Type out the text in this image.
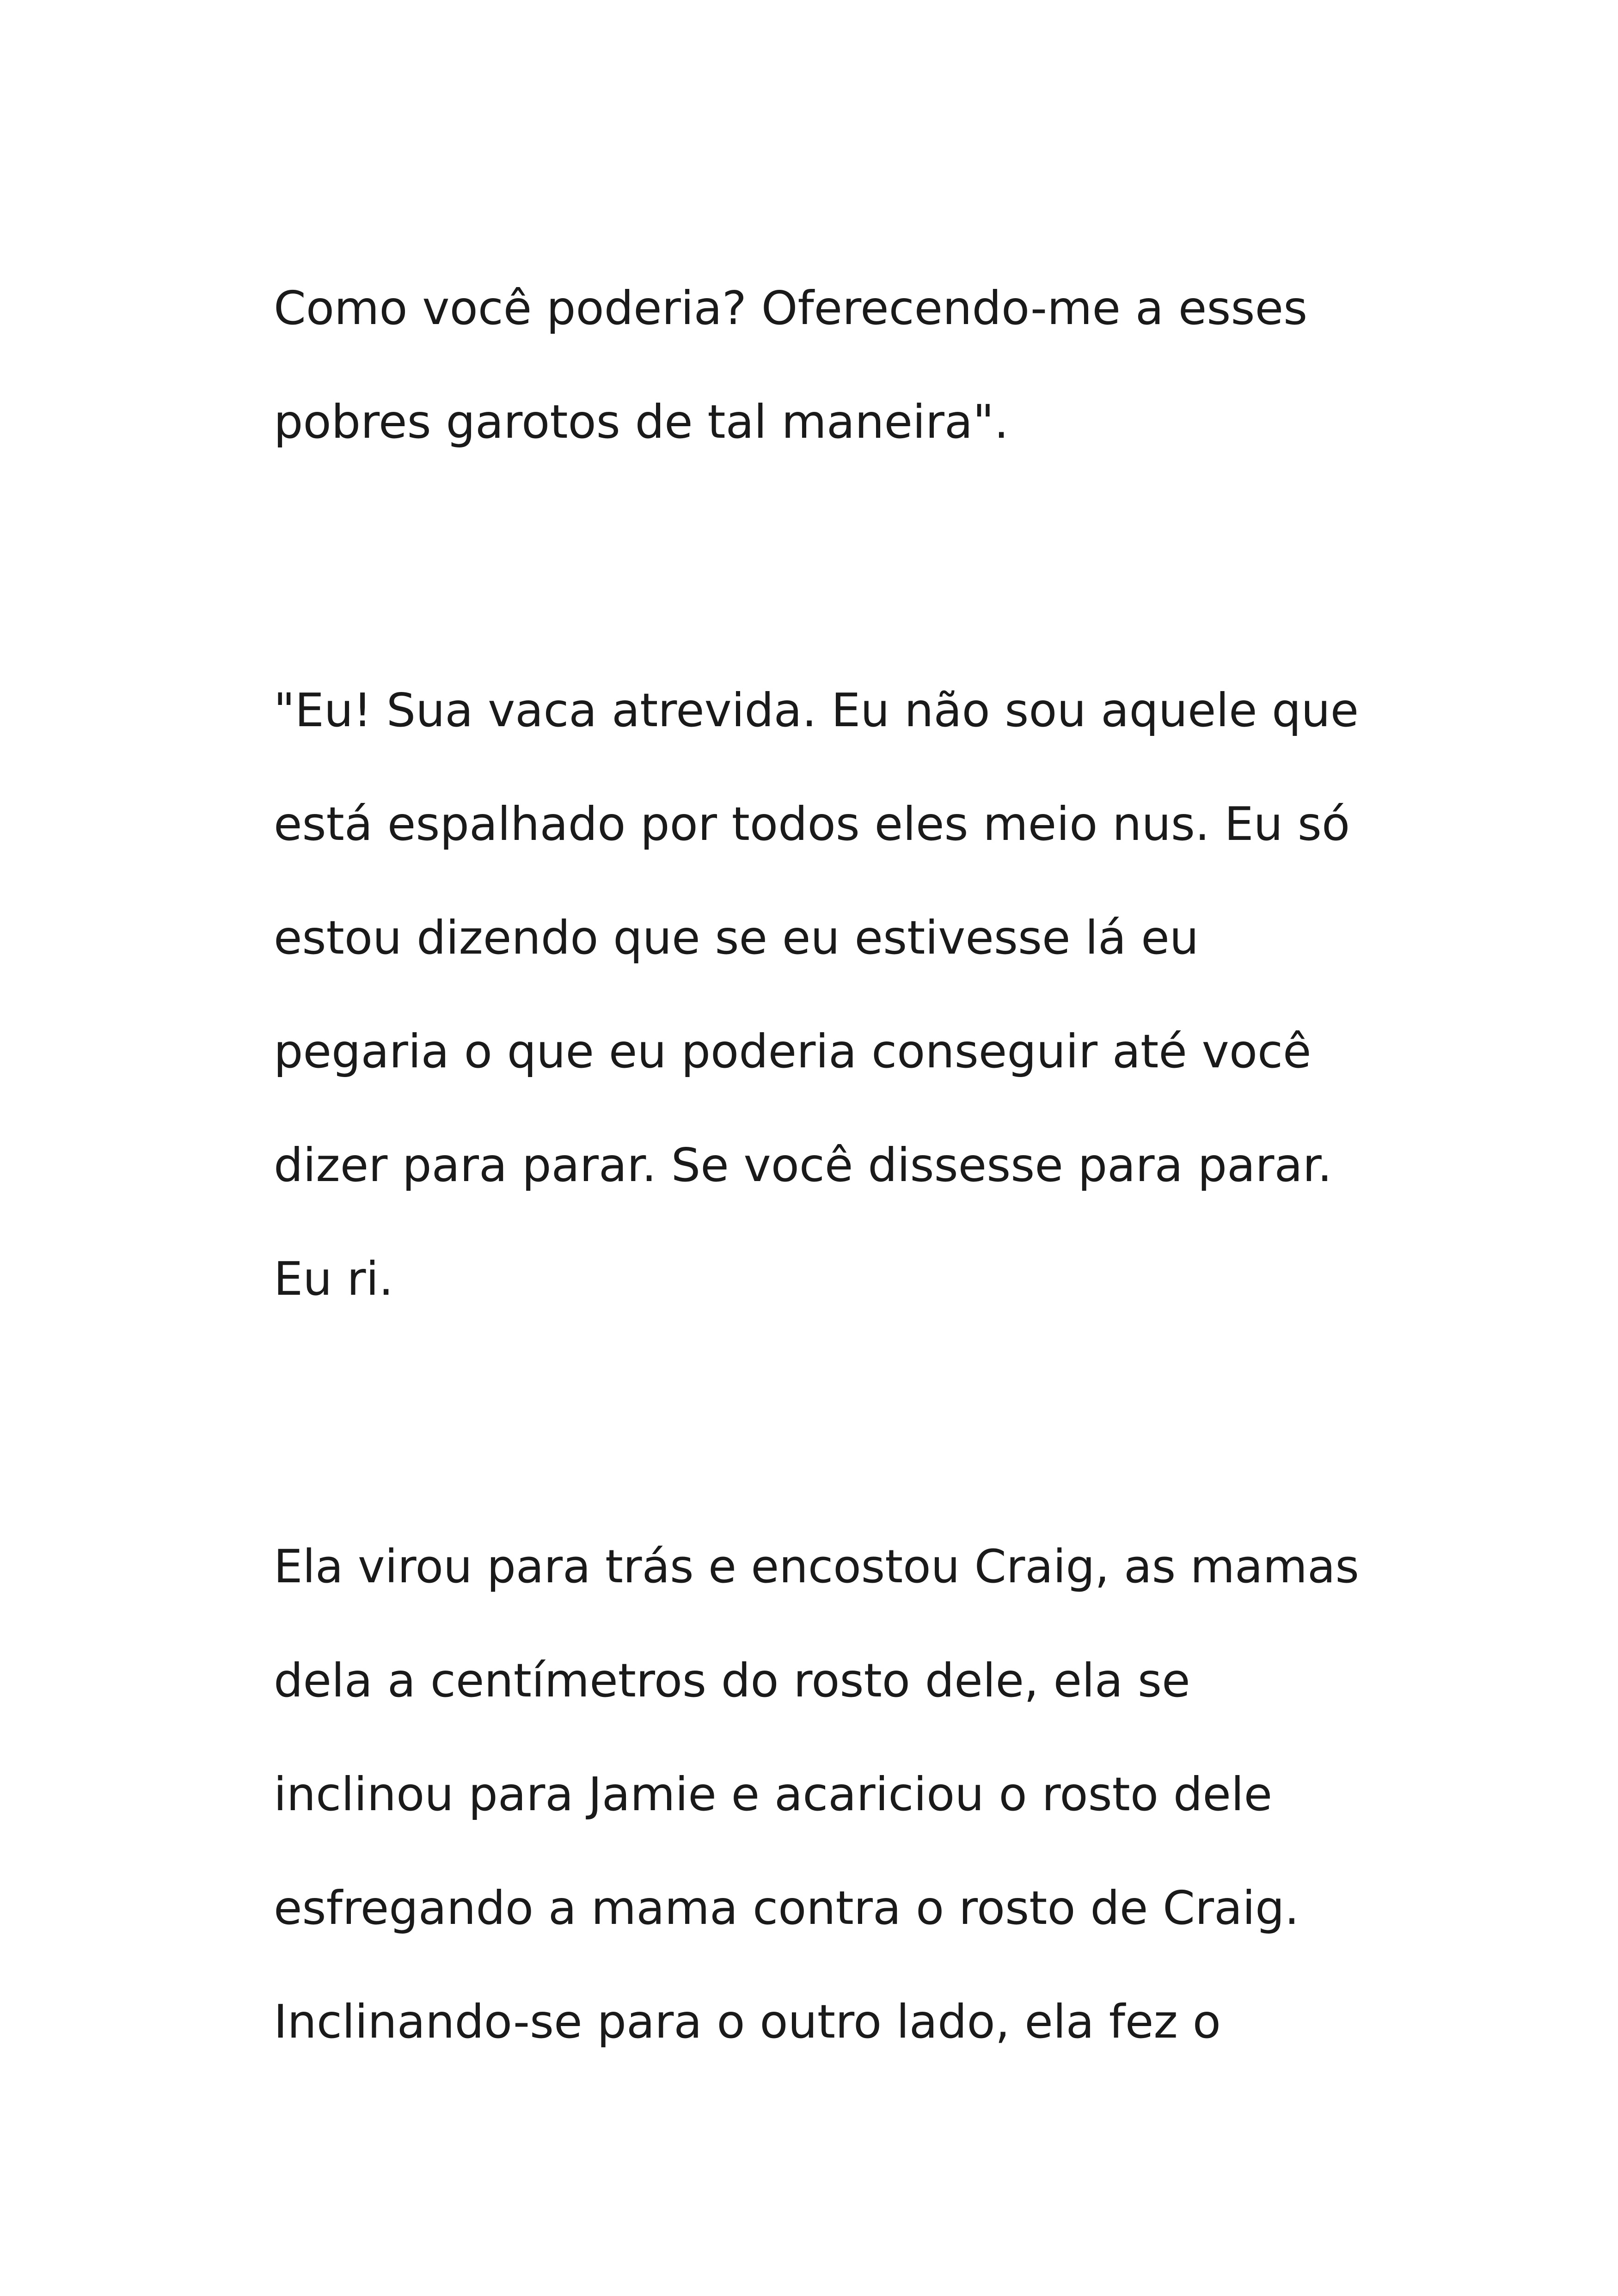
Como você poderia? Oferecendo-me a esses

pobres garotos de tal maneira".

"Eu! Sua vaca atrevida. Eu não sou aquele que

está espalhado por todos eles meio nus. Eu só

estou dizendo que se eu estivesse lá eu

pegaria o que eu poderia conseguir até você

dizer para parar. Se você dissesse para parar.

Eu ri.

Ela virou para trás e encostou Craig, as mamas

dela a centímetros do rosto dele, ela se

inclinou para Jamie e acariciou o rosto dele

esfregando a mama contra o rosto de Craig.

Inclinando-se para o outro lado, ela fez o
